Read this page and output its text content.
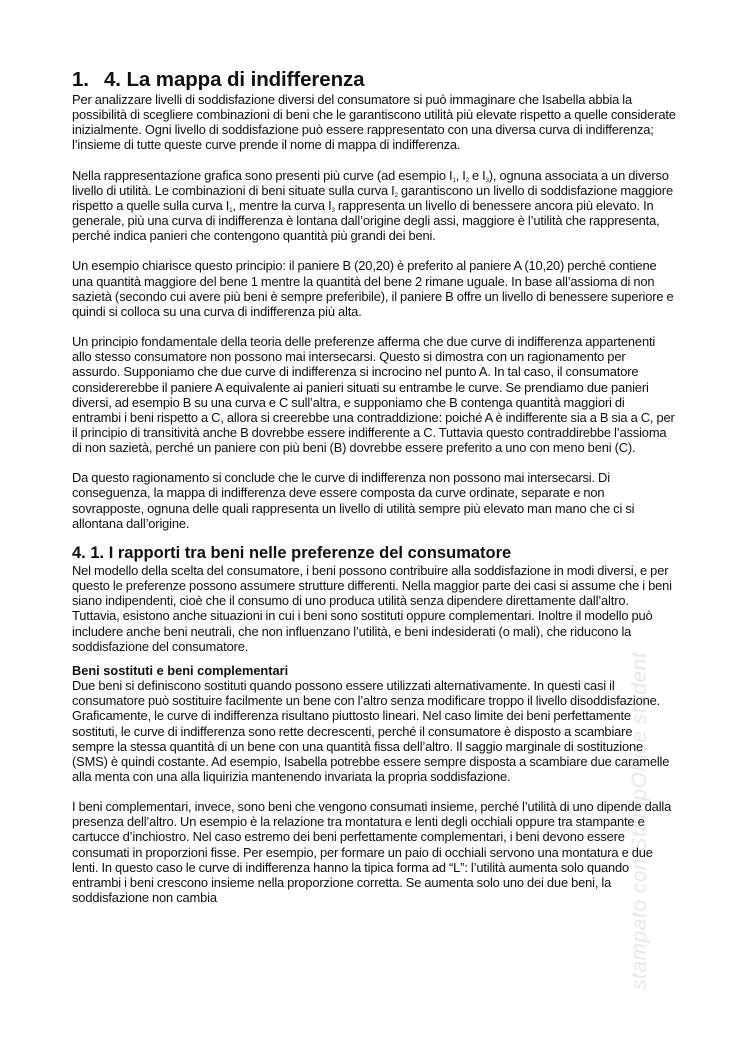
1. 4. La mappa di indifferenza

Per analizzare livelli di soddisfazione diversi del consumatore si può immaginare che Isabella abbia la possibilità di scegliere combinazioni di beni che le garantiscono utilità più elevate rispetto a quelle considerate inizialmente. Ogni livello di soddisfazione può essere rappresentato con una diversa curva di indifferenza; l’insieme di tutte queste curve prende il nome di mappa di indifferenza.

Nella rappresentazione grafica sono presenti più curve (ad esempio $I_1$, $I_2$ e $I_3$), ognuna associata a un diverso livello di utilità. Le combinazioni di beni situate sulla curva $I_2$ garantiscono un livello di soddisfazione maggiore rispetto a quelle sulla curva $I_1$, mentre la curva $I_3$ rappresenta un livello di benessere ancora più elevato. In generale, più una curva di indifferenza è lontana dall’origine degli assi, maggiore è l’utilità che rappresenta, perché indica panieri che contengono quantità più grandi dei beni.

Un esempio chiarisce questo principio: il paniere B (20,20) è preferito al paniere A (10,20) perché contiene una quantità maggiore del bene 1 mentre la quantità del bene 2 rimane uguale. In base all’assioma di non sazietà (secondo cui avere più beni è sempre preferibile), il paniere B offre un livello di benessere superiore e quindi si colloca su una curva di indifferenza più alta.

Un principio fondamentale della teoria delle preferenze afferma che due curve di indifferenza appartenenti allo stesso consumatore non possono mai intersecarsi. Questo si dimostra con un ragionamento per assurdo. Supponiamo che due curve di indifferenza si incrocino nel punto A. In tal caso, il consumatore considererebbe il paniere A equivalente ai panieri situati su entrambe le curve. Se prendiamo due panieri diversi, ad esempio B su una curva e C sull’altra, e supponiamo che B contenga quantità maggiori di entrambi i beni rispetto a C, allora si creerebbe una contraddizione: poiché A è indifferente sia a B sia a C, per il principio di transitività anche B dovrebbe essere indifferente a C. Tuttavia questo contraddirebbe l’assioma di non sazietà, perché un paniere con più beni (B) dovrebbe essere preferito a uno con meno beni (C).

Da questo ragionamento si conclude che le curve di indifferenza non possono mai intersecarsi. Di conseguenza, la mappa di indifferenza deve essere composta da curve ordinate, separate e non sovrapposte, ognuna delle quali rappresenta un livello di utilità sempre più elevato man mano che ci si allontana dall’origine.

4. 1. I rapporti tra beni nelle preferenze del consumatore

Nel modello della scelta del consumatore, i beni possono contribuire alla soddisfazione in modi diversi, e per questo le preferenze possono assumere strutture differenti. Nella maggior parte dei casi si assume che i beni siano indipendenti, cioè che il consumo di uno produca utilità senza dipendere direttamente dall’altro. Tuttavia, esistono anche situazioni in cui i beni sono sostituti oppure complementari. Inoltre il modello può includere anche beni neutrali, che non influenzano l’utilità, e beni indesiderati (o mali), che riducono la soddisfazione del consumatore.

Beni sostituti e beni complementari

Due beni si definiscono sostituti quando possono essere utilizzati alternativamente. In questi casi il consumatore può sostituire facilmente un bene con l’altro senza modificare troppo il livello disoddisfazione. Graficamente, le curve di indifferenza risultano piuttosto lineari. Nel caso limite dei beni perfettamente sostituti, le curve di indifferenza sono rette decrescenti, perché il consumatore è disposto a scambiare sempre la stessa quantità di un bene con una quantità fissa dell’altro. Il saggio marginale di sostituzione (SMS) è quindi costante. Ad esempio, Isabella potrebbe essere sempre disposta a scambiare due caramelle alla menta con una alla liquirizia mantenendo invariata la propria soddisfazione.

I beni complementari, invece, sono beni che vengono consumati insieme, perché l’utilità di uno dipende dalla presenza dell’altro. Un esempio è la relazione tra montatura e lenti degli occhiali oppure tra stampante e cartucce d’inchiostro. Nel caso estremo dei beni perfettamente complementari, i beni devono essere consumati in proporzioni fisse. Per esempio, per formare un paio di occhiali servono una montatura e due lenti. In questo caso le curve di indifferenza hanno la tipica forma ad “L”: l’utilità aumenta solo quando entrambi i beni crescono insieme nella proporzione corretta. Se aumenta solo uno dei due beni, la soddisfazione non cambia	stampato con StampOffice student
